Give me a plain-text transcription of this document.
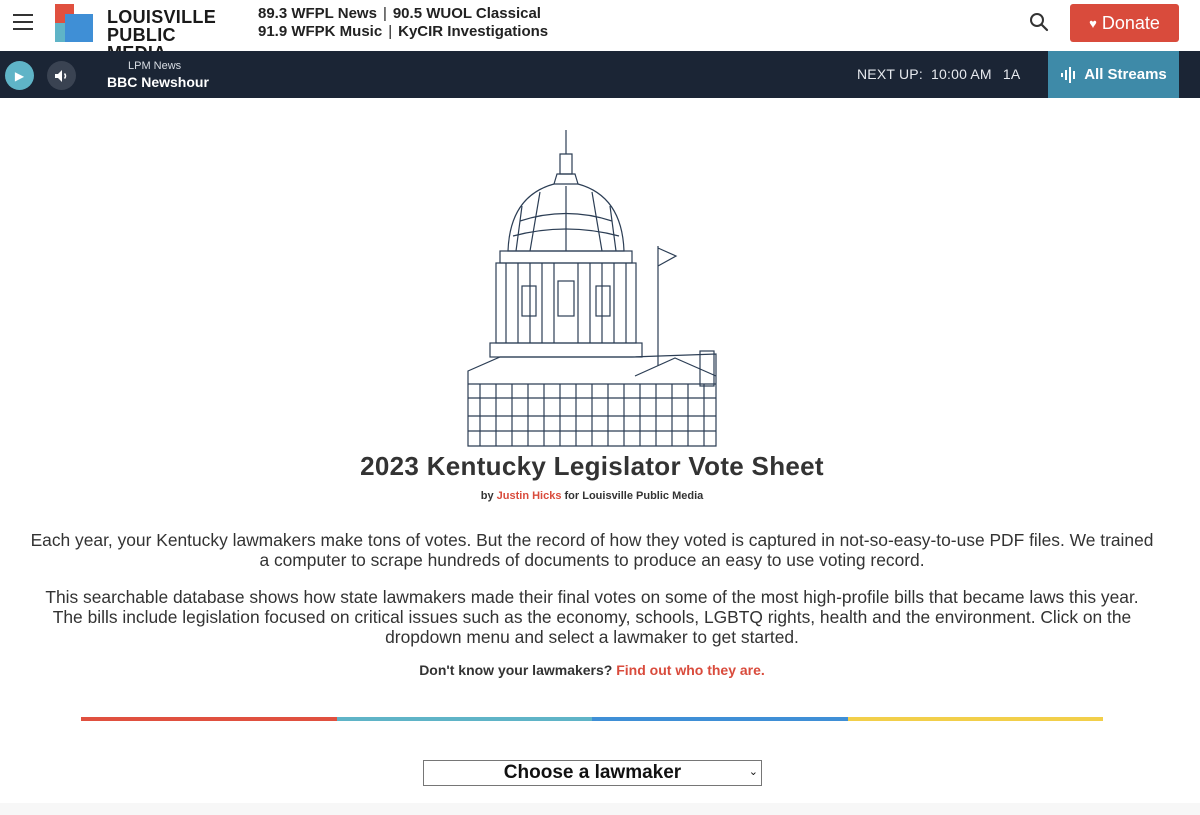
LOUISVILLE
PUBLIC
89.3 WFPL News | 90.5 WUOL Classical
91.9 WFPK Music | KyCIR Investigations	♥ Donate
▶
LPM News
BBC Newshour	NEXT UP: 10:00 AM 1A	All Streams
2023 Kentucky Legislator Vote Sheet
by Justin Hicks for Louisville Public Media

Each year, your Kentucky lawmakers make tons of votes. But the record of how they voted is captured in not-so-easy-to-use PDF files. We trained a computer to scrape hundreds of documents to produce an easy to use voting record.

This searchable database shows how state lawmakers made their final votes on some of the most high-profile bills that became laws this year. The bills include legislation focused on critical issues such as the economy, schools, LGBTQ rights, health and the environment. Click on the dropdown menu and select a lawmaker to get started.

Don't know your lawmakers? Find out who they are.
Choose a lawmaker	⌄
